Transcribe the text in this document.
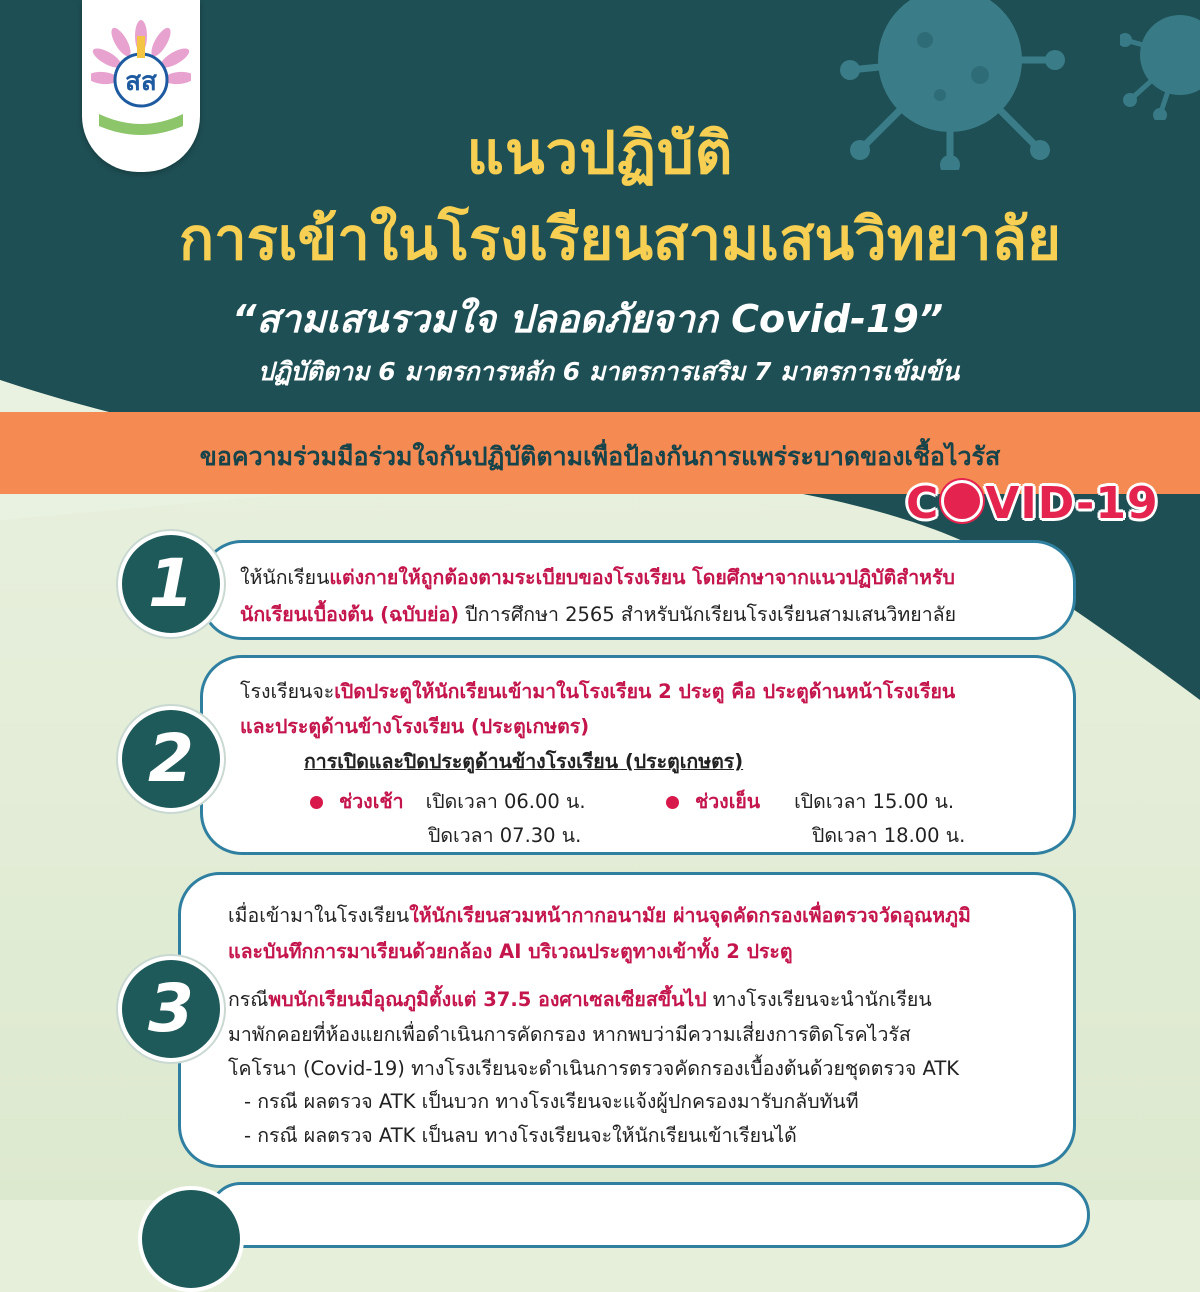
สส
แนวปฏิบัติ
การเข้าในโรงเรียนสามเสนวิทยาลัย
“สามเสนรวมใจ ปลอดภัยจาก Covid-19”
ปฏิบัติตาม 6 มาตรการหลัก 6 มาตรการเสริม 7 มาตรการเข้มข้น
ขอความร่วมมือร่วมใจกันปฏิบัติตามเพื่อป้องกันการแพร่ระบาดของเชื้อไวรัส
C VID-19
1	ให้นักเรียนแต่งกายให้ถูกต้องตามระเบียบของโรงเรียน โดยศึกษาจากแนวปฏิบัติสำหรับ
นักเรียนเบื้องต้น (ฉบับย่อ) ปีการศึกษา 2565 สำหรับนักเรียนโรงเรียนสามเสนวิทยาลัย
2
โรงเรียนจะเปิดประตูให้นักเรียนเข้ามาในโรงเรียน 2 ประตู คือ ประตูด้านหน้าโรงเรียน
และประตูด้านข้างโรงเรียน (ประตูเกษตร)
การเปิดและปิดประตูด้านข้างโรงเรียน (ประตูเกษตร)
ช่วงเช้า เปิดเวลา 06.00 น.
ปิดเวลา 07.30 น.
ช่วงเย็น เปิดเวลา 15.00 น.
ปิดเวลา 18.00 น.
3
เมื่อเข้ามาในโรงเรียนให้นักเรียนสวมหน้ากากอนามัย ผ่านจุดคัดกรองเพื่อตรวจวัดอุณหภูมิ
และบันทึกการมาเรียนด้วยกล้อง AI บริเวณประตูทางเข้าทั้ง 2 ประตู
กรณีพบนักเรียนมีอุณภูมิตั้งแต่ 37.5 องศาเซลเซียสขึ้นไป ทางโรงเรียนจะนำนักเรียน
มาพักคอยที่ห้องแยกเพื่อดำเนินการคัดกรอง หากพบว่ามีความเสี่ยงการติดโรคไวรัส
โคโรนา (Covid-19) ทางโรงเรียนจะดำเนินการตรวจคัดกรองเบื้องต้นด้วยชุดตรวจ ATK
- กรณี ผลตรวจ ATK เป็นบวก ทางโรงเรียนจะแจ้งผู้ปกครองมารับกลับทันที
- กรณี ผลตรวจ ATK เป็นลบ ทางโรงเรียนจะให้นักเรียนเข้าเรียนได้
